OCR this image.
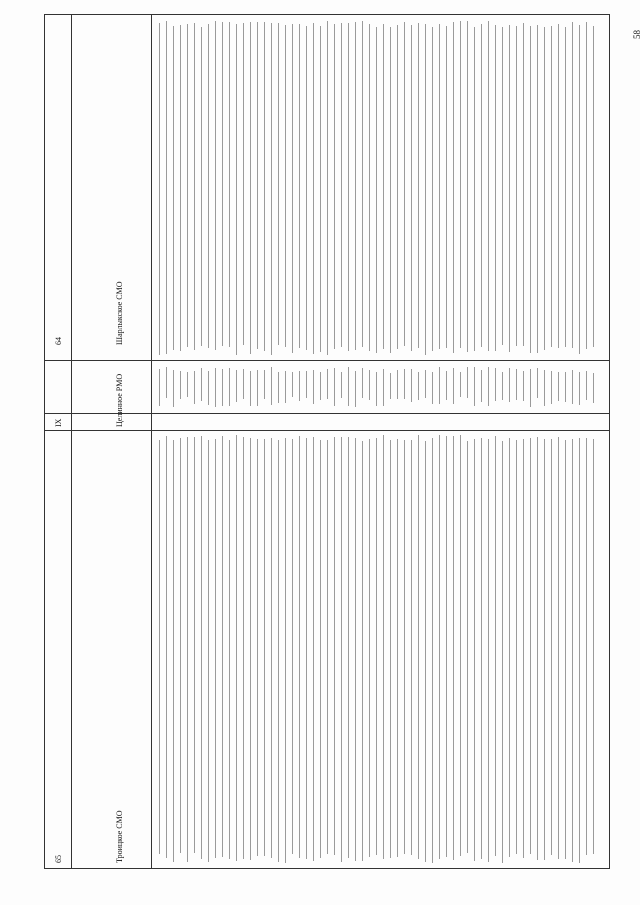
64	Шарлыкское СМО
IX	Целинное РМО
65	Троицкое СМО
58
